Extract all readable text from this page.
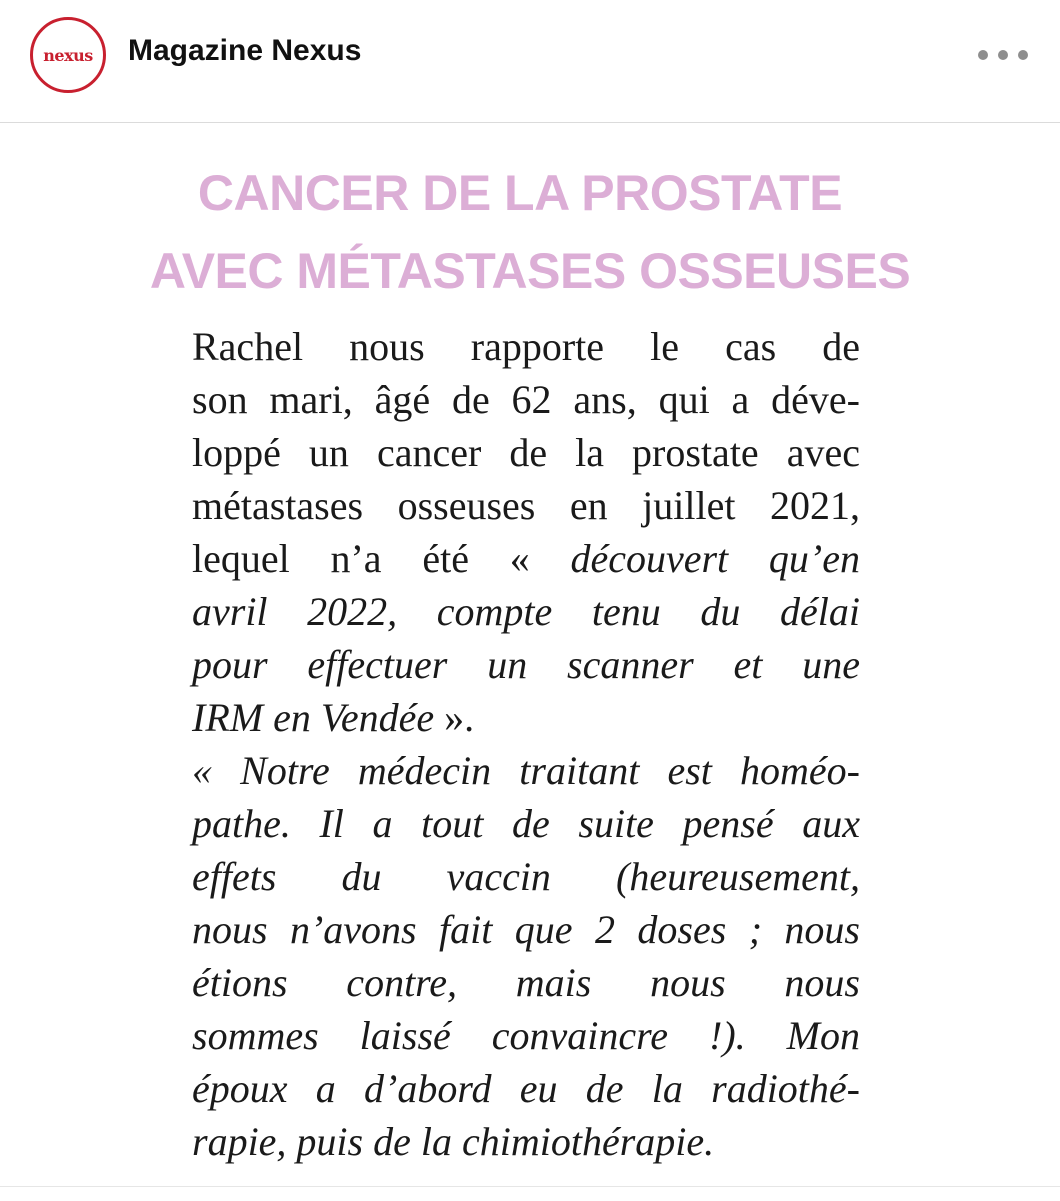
nexus Magazine Nexus
CANCER DE LA PROSTATE
AVEC MÉTASTASES OSSEUSES
Rachel nous rapporte le cas de
son mari, âgé de 62 ans, qui a déve-
loppé un cancer de la prostate avec
métastases osseuses en juillet 2021,
lequel n’a été « découvert qu’en
avril 2022, compte tenu du délai
pour effectuer un scanner et une
IRM en Vendée ».
« Notre médecin traitant est homéo-
pathe. Il a tout de suite pensé aux
effets du vaccin (heureusement,
nous n’avons fait que 2 doses ; nous
étions contre, mais nous nous
sommes laissé convaincre !). Mon
époux a d’abord eu de la radiothé-
rapie, puis de la chimiothérapie.
